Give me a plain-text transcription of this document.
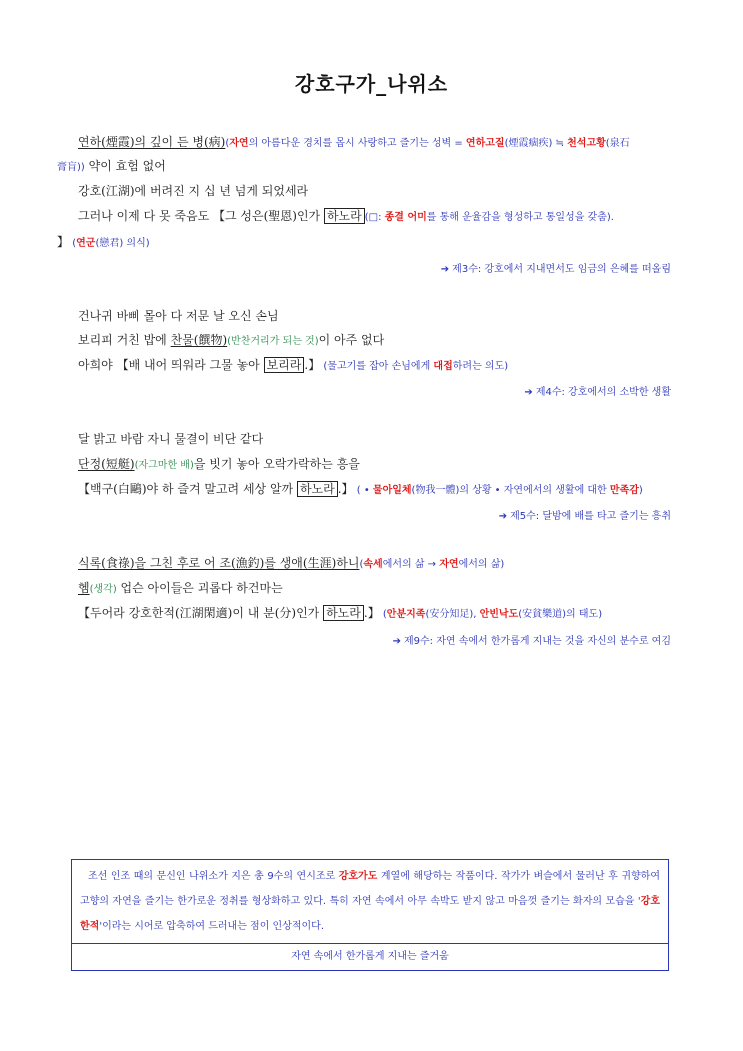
강호구가_나위소
연하(煙霞)의 깊이 든 병(病)(자연의 아름다운 경치를 몹시 사랑하고 즐기는 성벽 = 연하고질(煙霞痼疾) ≒ 천석고황(泉石
膏肓)) 약이 효험 없어
강호(江湖)에 버려진 지 십 년 넘게 되었세라
그러나 이제 다 못 죽음도 【그 성은(聖恩)인가 하노라 (□: 종결 어미를 통해 운율감을 형성하고 통일성을 갖춤).
】 (연군(戀君) 의식)
➔ 제3수: 강호에서 지내면서도 임금의 은혜를 떠올림
건나귀 바삐 몰아 다 저문 날 오신 손님
보리피 거친 밥에 찬물(饌物)(반찬거리가 되는 것)이 아주 없다
아희야 【배 내어 띄워라 그물 놓아 보리라 .】 (물고기를 잡아 손님에게 대접하려는 의도)
➔ 제4수: 강호에서의 소박한 생활
달 밝고 바람 자니 물결이 비단 같다
단정(短艇)(자그마한 배)을 빗기 놓아 오락가락하는 흥을
【백구(白鷗)야 하 즐겨 말고려 세상 알까 하노라 .】 ( • 물아일체(物我一體)의 상황 • 자연에서의 생활에 대한 만족감)
➔ 제5수: 달밤에 배를 타고 즐기는 흥취
식록(食祿)을 그친 후로 어 조(漁釣)를 생애(生涯)하니(속세에서의 삶 → 자연에서의 삶)
헴(생각) 업슨 아이들은 괴롭다 하건마는
【두어라 강호한적(江湖閑適)이 내 분(分)인가 하노라 .】 (안분지족(安分知足), 안빈낙도(安貧樂道)의 태도)
➔ 제9수: 자연 속에서 한가롭게 지내는 것을 자신의 분수로 여김
조선 인조 때의 문신인 나위소가 지은 총 9수의 연시조로 강호가도 계열에 해당하는 작품이다. 작가가 벼슬에서 물러난 후 귀향하여 고향의 자연을 즐기는 한가로운 정취를 형상화하고 있다. 특히 자연 속에서 아무 속박도 받지 않고 마음껏 즐기는 화자의 모습을 '강호한적'이라는 시어로 압축하여 드러내는 점이 인상적이다.
자연 속에서 한가롭게 지내는 즐거움
